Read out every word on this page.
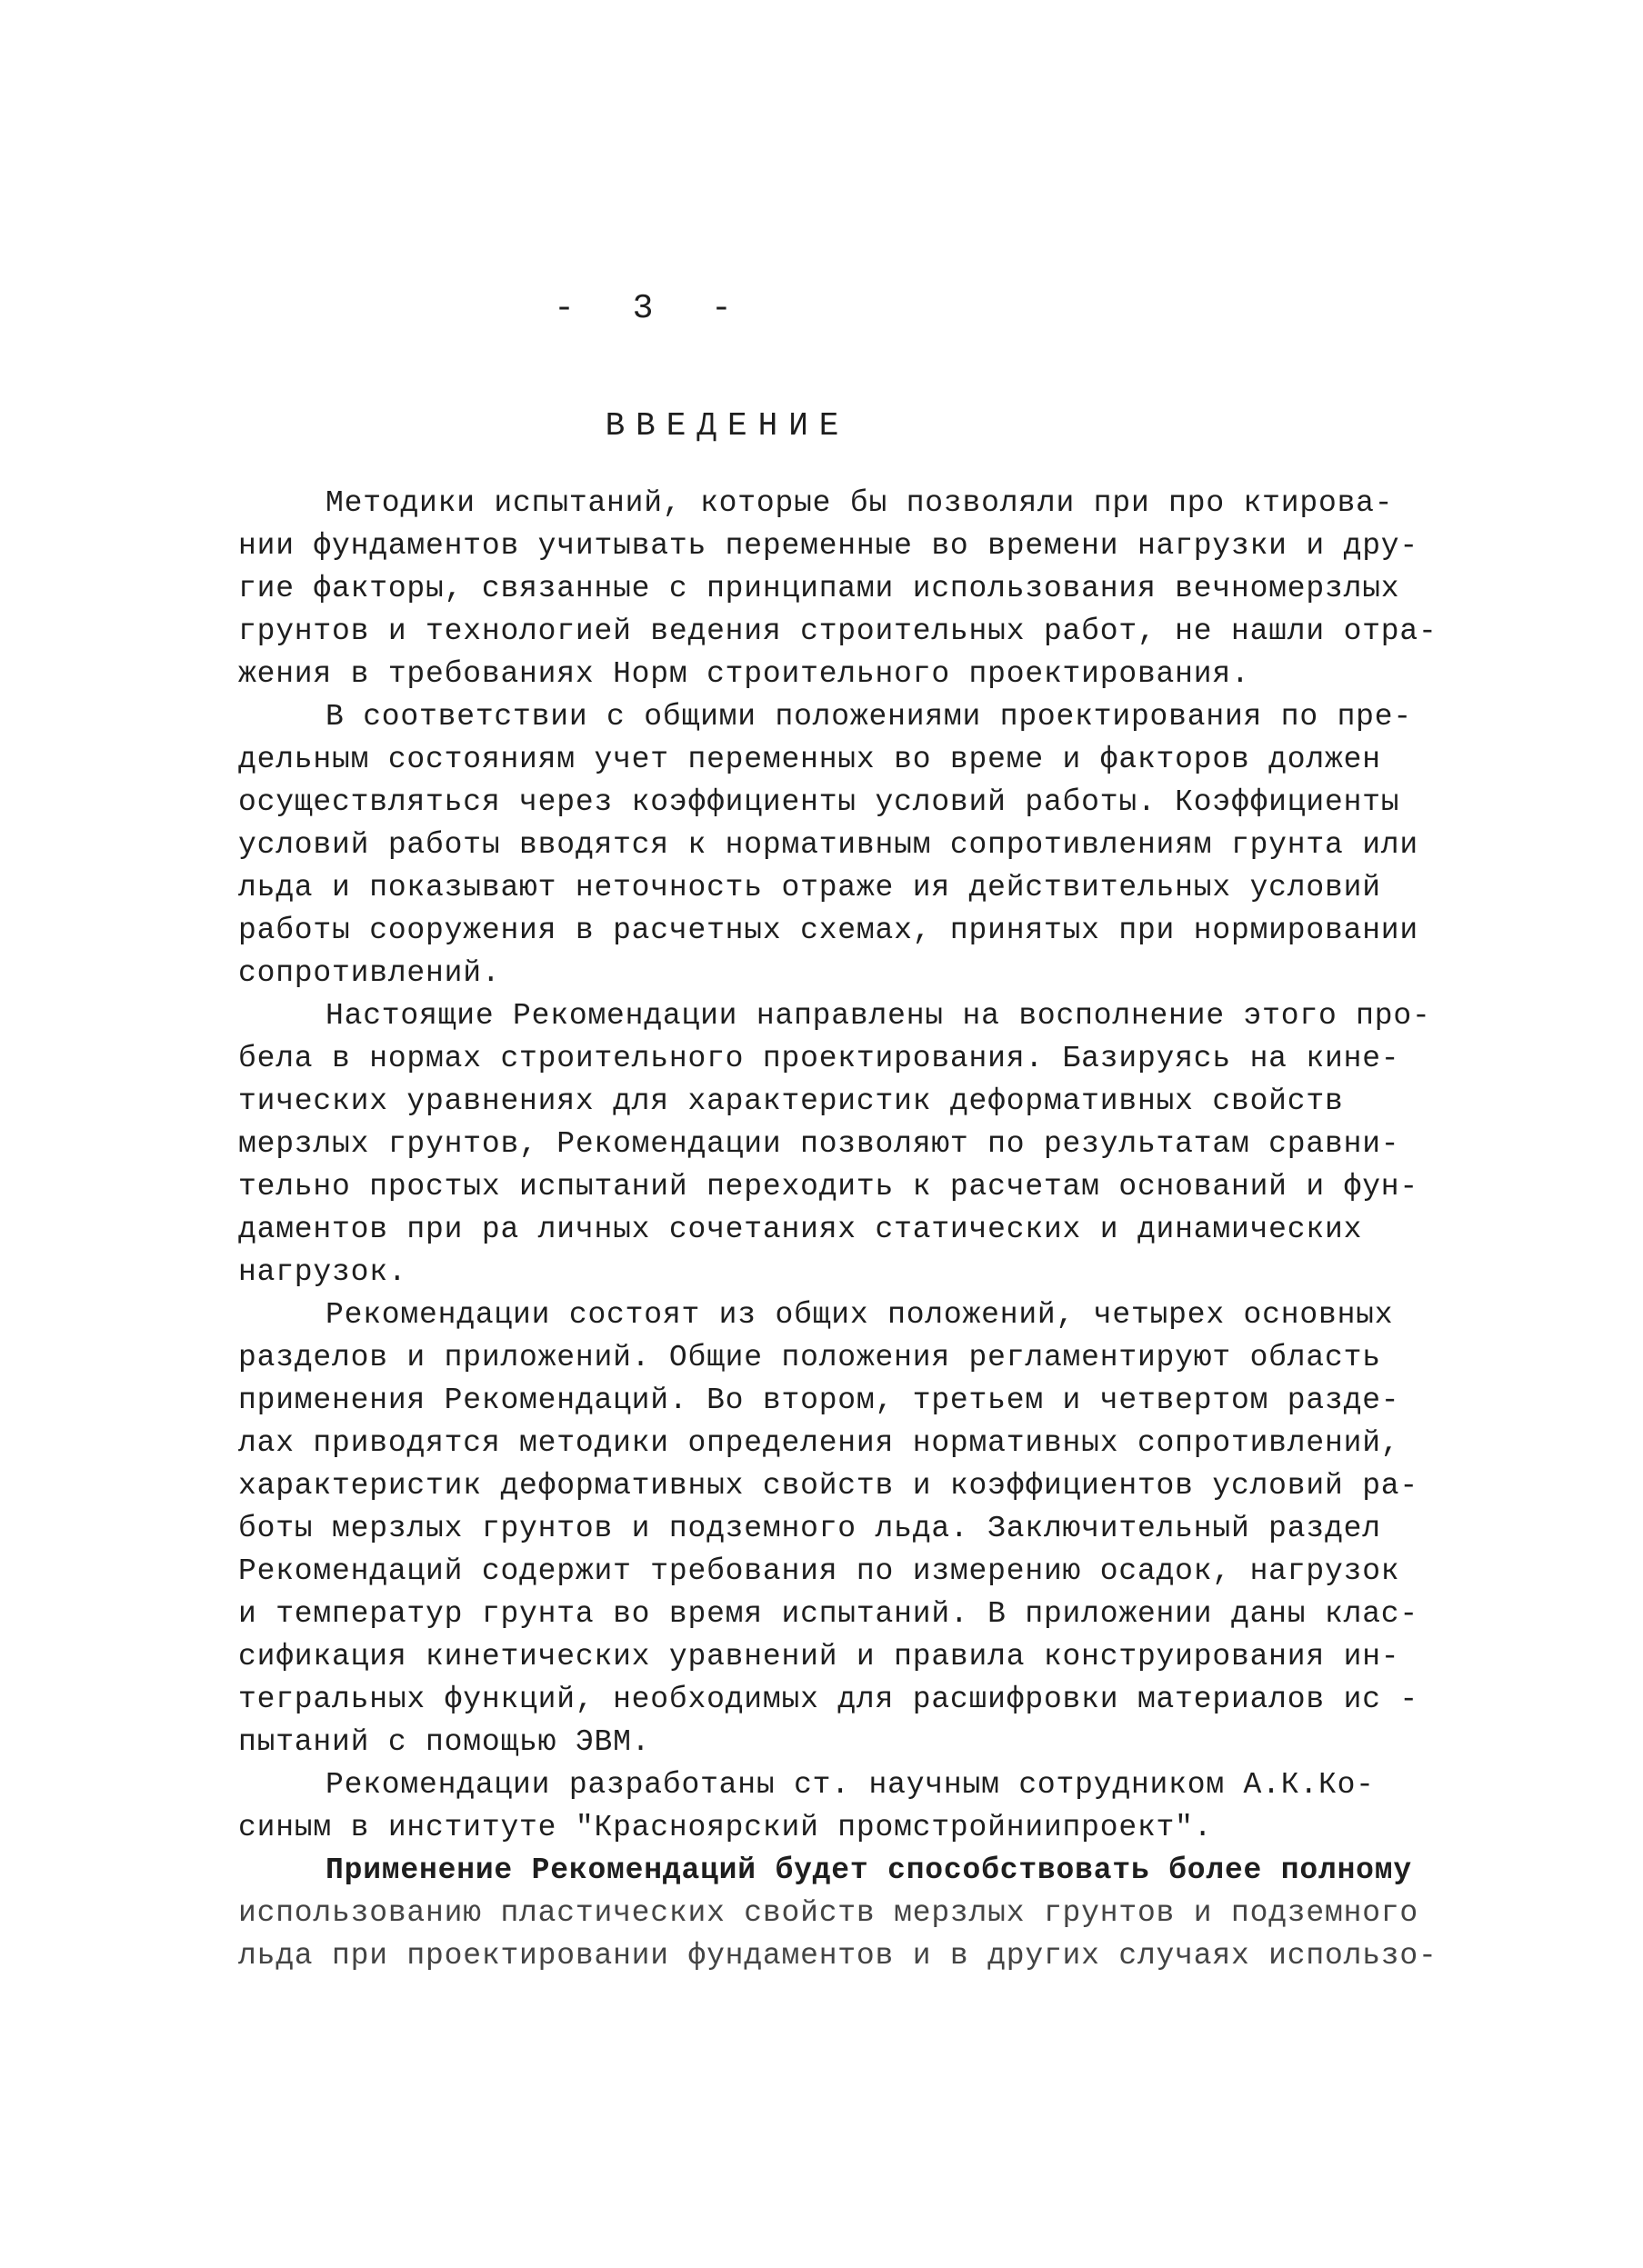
-  3  -
ВВЕДЕНИЕ
Методики испытаний, которые бы позволяли при про ктирова-
нии фундаментов учитывать переменные во времени нагрузки и дру-
гие факторы, связанные с принципами использования вечномерзлых
грунтов и технологией ведения строительных работ, не нашли отра-
жения в требованиях Норм строительного проектирования.
В соответствии с общими положениями проектирования по пре-
дельным состояниям учет переменных во време и факторов должен
осуществляться через коэффициенты условий работы. Коэффициенты
условий работы вводятся к нормативным сопротивлениям грунта или
льда и показывают неточность отраже ия действительных условий
работы сооружения в расчетных схемах, принятых при нормировании
сопротивлений.
Настоящие Рекомендации направлены на восполнение этого про-
бела в нормах строительного проектирования. Базируясь на кине-
тических уравнениях для характеристик деформативных свойств
мерзлых грунтов, Рекомендации позволяют по результатам сравни-
тельно простых испытаний переходить к расчетам оснований и фун-
даментов при ра личных сочетаниях статических и динамических
нагрузок.
Рекомендации состоят из общих положений, четырех основных
разделов и приложений. Общие положения регламентируют область
применения Рекомендаций. Во втором, третьем и четвертом разде-
лах приводятся методики определения нормативных сопротивлений,
характеристик деформативных свойств и коэффициентов условий ра-
боты мерзлых грунтов и подземного льда. Заключительный раздел
Рекомендаций содержит требования по измерению осадок, нагрузок
и температур грунта во время испытаний. В приложении даны клас-
сификация кинетических уравнений и правила конструирования ин-
тегральных функций, необходимых для расшифровки материалов ис -
пытаний с помощью ЭВМ.
Рекомендации разработаны ст. научным сотрудником А.К.Ко-
синым в институте "Красноярский промстройниипроект".
Применение Рекомендаций будет способствовать более полному
использованию пластических свойств мерзлых грунтов и подземного
льда при проектировании фундаментов и в других случаях использо-
